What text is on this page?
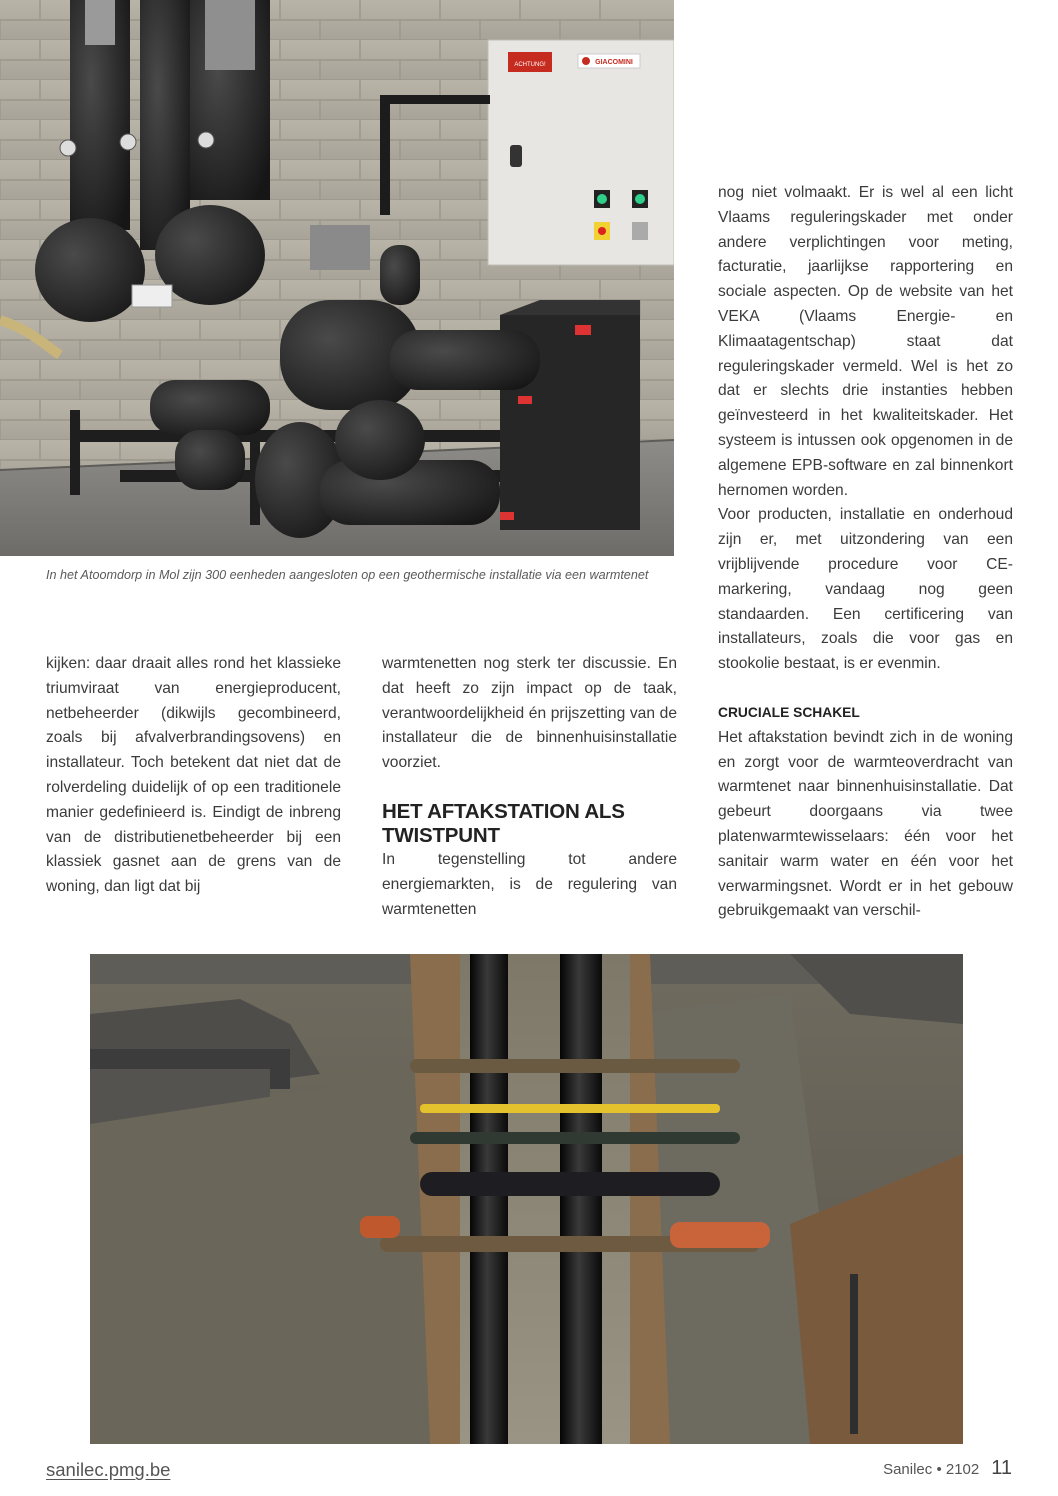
ACHTUNG!	GIACOMINI
In het Atoomdorp in Mol zijn 300 eenheden aangesloten op een geothermische installatie via een warmtenet

kijken: daar draait alles rond het klassieke triumviraat van energieproducent, netbeheerder (dikwijls gecombineerd, zoals bij afvalverbrandingsovens) en installateur. Toch betekent dat niet dat de rolverdeling duidelijk of op een traditionele manier gedefinieerd is. Eindigt de inbreng van de distributienetbeheerder bij een klassiek gasnet aan de grens van de woning, dan ligt dat bij

warmtenetten nog sterk ter discussie. En dat heeft zo zijn impact op de taak, verantwoordelijkheid én prijszetting van de installateur die de binnenhuisinstallatie voorziet.

HET AFTAKSTATION ALS TWISTPUNT

In tegenstelling tot andere energiemarkten, is de regulering van warmtenetten

nog niet volmaakt. Er is wel al een licht Vlaams reguleringskader met onder andere verplichtingen voor meting, facturatie, jaarlijkse rapportering en sociale aspecten. Op de website van het VEKA (Vlaams Energie- en Klimaatagentschap) staat dat reguleringskader vermeld. Wel is het zo dat er slechts drie instanties hebben geïnvesteerd in het kwaliteitskader. Het systeem is intussen ook opgenomen in de algemene EPB-software en zal binnenkort hernomen worden.

Voor producten, installatie en onderhoud zijn er, met uitzondering van een vrijblijvende procedure voor CE-markering, vandaag nog geen standaarden. Een certificering van installateurs, zoals die voor gas en stookolie bestaat, is er evenmin.

CRUCIALE SCHAKEL

Het aftakstation bevindt zich in de woning en zorgt voor de warmteoverdracht van warmtenet naar binnenhuisinstallatie. Dat gebeurt doorgaans via twee platenwarmtewisselaars: één voor het sanitair warm water en één voor het verwarmingsnet. Wordt er in het gebouw gebruikgemaakt van verschil-

sanilec.pmg.be	Sanilec • 2102 11
